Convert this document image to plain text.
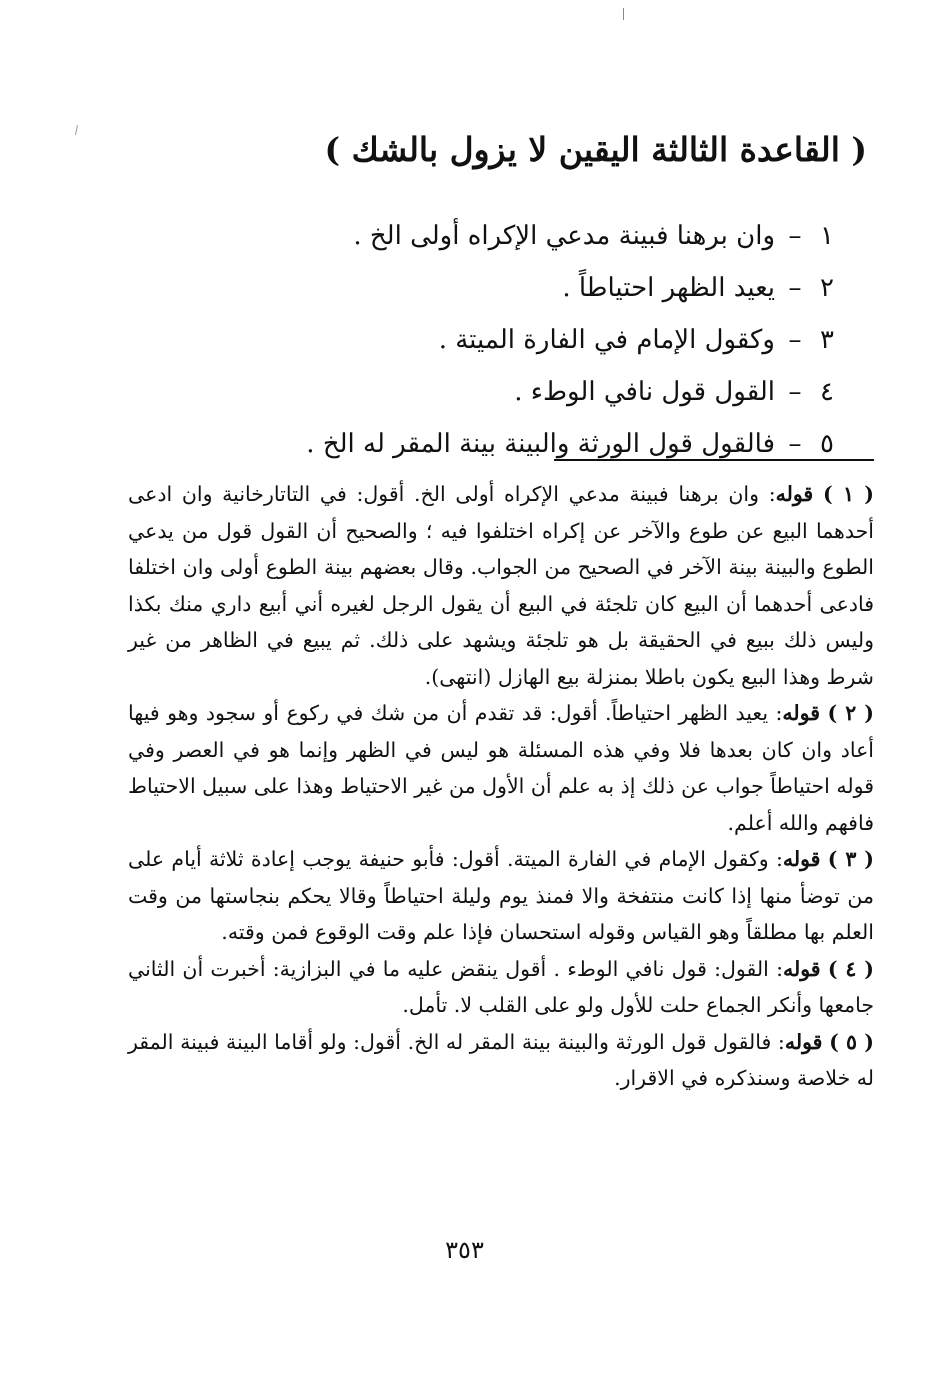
( القاعدة الثالثة اليقين لا يزول بالشك )
١
–
وان برهنا فبينة مدعي الإكراه أولى الخ .
٢
–
يعيد الظهر احتياطاً .
٣
–
وكقول الإمام في الفارة الميتة .
٤
–
القول قول نافي الوطء .
٥
–
فالقول قول الورثة والبينة بينة المقر له الخ .

( ١ ) قوله: وان برهنا فبينة مدعي الإكراه أولى الخ. أقول: في التاتارخانية وان ادعى أحدهما البيع عن طوع والآخر عن إكراه اختلفوا فيه ؛ والصحيح أن القول قول من يدعي الطوع والبينة بينة الآخر في الصحيح من الجواب. وقال بعضهم بينة الطوع أولى وان اختلفا فادعى أحدهما أن البيع كان تلجئة في البيع أن يقول الرجل لغيره أني أبيع داري منك بكذا وليس ذلك ببيع في الحقيقة بل هو تلجئة ويشهد على ذلك. ثم يبيع في الظاهر من غير شرط وهذا البيع يكون باطلا بمنزلة بيع الهازل (انتهى).

( ٢ ) قوله: يعيد الظهر احتياطاً. أقول: قد تقدم أن من شك في ركوع أو سجود وهو فيها أعاد وان كان بعدها فلا وفي هذه المسئلة هو ليس في الظهر وإنما هو في العصر وفي قوله احتياطاً جواب عن ذلك إذ به علم أن الأول من غير الاحتياط وهذا على سبيل الاحتياط فافهم والله أعلم.

( ٣ ) قوله: وكقول الإمام في الفارة الميتة. أقول: فأبو حنيفة يوجب إعادة ثلاثة أيام على من توضأ منها إذا كانت منتفخة والا فمنذ يوم وليلة احتياطاً وقالا يحكم بنجاستها من وقت العلم بها مطلقاً وهو القياس وقوله استحسان فإذا علم وقت الوقوع فمن وقته.

( ٤ ) قوله: القول: قول نافي الوطء . أقول ينقض عليه ما في البزازية: أخبرت أن الثاني جامعها وأنكر الجماع حلت للأول ولو على القلب لا. تأمل.

( ٥ ) قوله: فالقول قول الورثة والبينة بينة المقر له الخ. أقول: ولو أقاما البينة فبينة المقر له خلاصة وسنذكره في الاقرار.

٣٥٣
